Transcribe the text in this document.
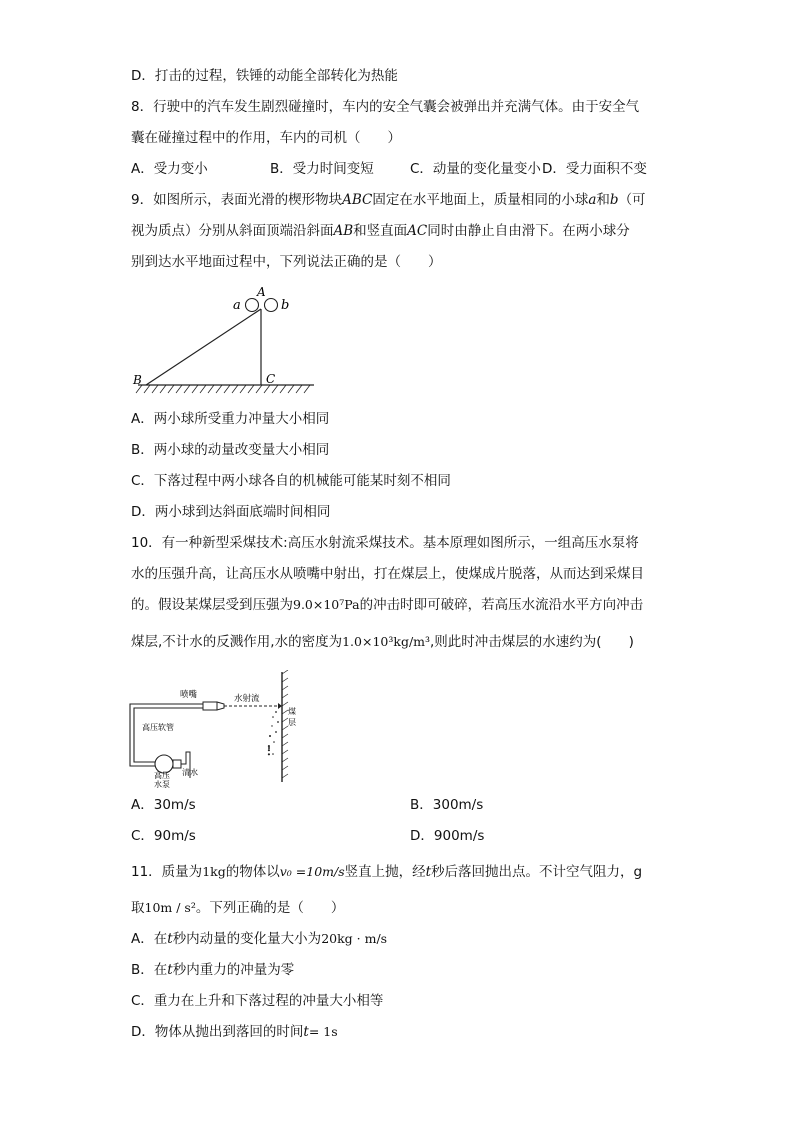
D．打击的过程，铁锤的动能全部转化为热能
8．行驶中的汽车发生剧烈碰撞时，车内的安全气囊会被弹出并充满气体。由于安全气
囊在碰撞过程中的作用，车内的司机（　　）
A．受力变小	B．受力时间变短	C．动量的变化量变小 D．受力面积不变
9．如图所示，表面光滑的楔形物块ABC固定在水平地面上，质量相同的小球a和b（可
视为质点）分别从斜面顶端沿斜面AB和竖直面AC同时由静止自由滑下。在两小球分
别到达水平地面过程中，下列说法正确的是（　　）
A
a	b
B	C
A．两小球所受重力冲量大小相同
B．两小球的动量改变量大小相同
C．下落过程中两小球各自的机械能可能某时刻不相同
D．两小球到达斜面底端时间相同
10．有一种新型采煤技术:高压水射流采煤技术。基本原理如图所示，一组高压水泵将
水的压强升高，让高压水从喷嘴中射出，打在煤层上，使煤成片脱落，从而达到采煤目
的。假设某煤层受到压强为9.0×10⁷Pa的冲击时即可破碎，若高压水流沿水平方向冲击
煤层,不计水的反溅作用,水的密度为1.0×10³kg/m³,则此时冲击煤层的水速约为(　　)
•••
喷嘴	水射流
高压软管
高压
水泵
清水
煤
层
A．30m/s	B．300m/s
C．90m/s	D．900m/s
11．质量为1kg的物体以v₀ =10m/s竖直上抛，经t秒后落回抛出点。不计空气阻力，g
取10m / s²。下列正确的是（　　）
A．在t秒内动量的变化量大小为20kg · m/s
B．在t秒内重力的冲量为零
C．重力在上升和下落过程的冲量大小相等
D．物体从抛出到落回的时间t= 1s
